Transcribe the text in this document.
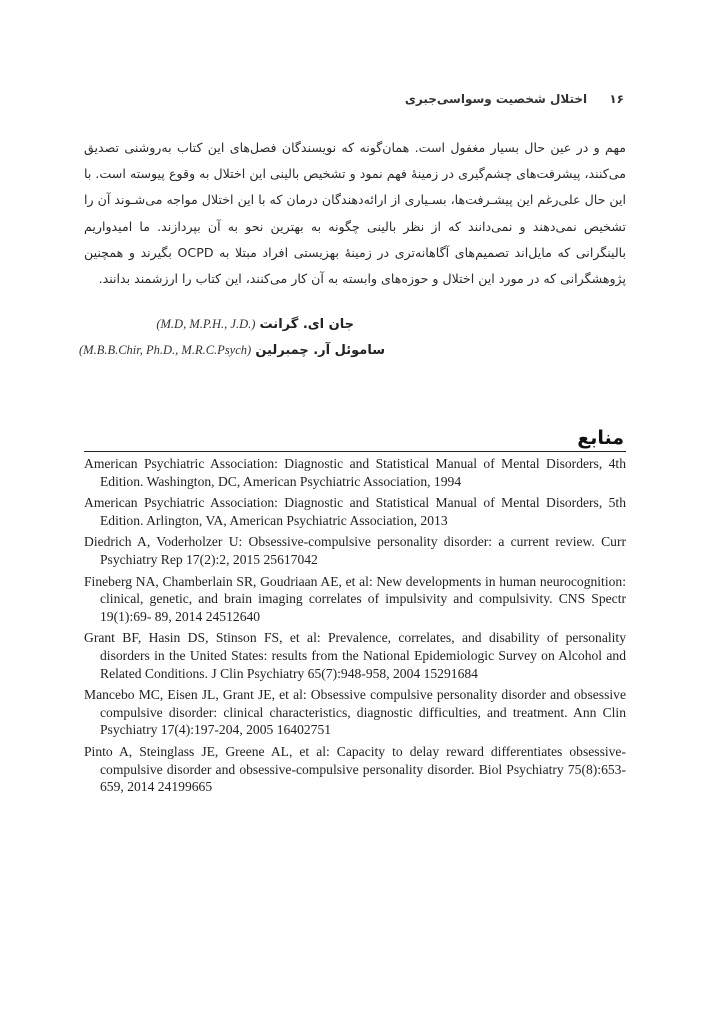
۱۶ اختلال شخصیت وسواسی‌جبری

مهم و در عین حال بسیار مغفول است. همان‌گونه که نویسندگان فصل‌های این کتاب به‌روشنی تصدیق می‌کنند، پیشرفت‌های چشم‌گیری در زمینهٔ فهم نمود و تشخیص بالینی این اختلال به وقوع پیوسته است. با این حال علی‌رغم این پیشـرفت‌ها، بسـیاری از ارائه‌دهندگان درمان که با این اختلال مواجه می‌شـوند آن را تشخیص نمی‌دهند و نمی‌دانند که از نظر بالینی چگونه به بهترین نحو به آن بپردازند. ما امیدواریم بالینگرانی که مایل‌اند تصمیم‌های آگاهانه‌تری در زمینهٔ بهزیستی افراد مبتلا به OCPD بگیرند و همچنین پژوهشگرانی که در مورد این اختلال و حوزه‌های وابسته به آن کار می‌کنند، این کتاب را ارزشمند بدانند.

جان ای. گرانت (M.D, M.P.H., J.D.)
ساموئل آر. چمبرلین (M.B.B.Chir, Ph.D., M.R.C.Psych)
منابع
American Psychiatric Association: Diagnostic and Statistical Manual of Mental Disorders, 4th Edition. Washington, DC, American Psychiatric Association, 1994
American Psychiatric Association: Diagnostic and Statistical Manual of Mental Disorders, 5th Edition. Arlington, VA, American Psychiatric Association, 2013
Diedrich A, Voderholzer U: Obsessive-compulsive personality disorder: a current review. Curr Psychiatry Rep 17(2):2, 2015 25617042
Fineberg NA, Chamberlain SR, Goudriaan AE, et al: New developments in human neurocognition: clinical, genetic, and brain imaging correlates of impulsivity and compulsivity. CNS Spectr 19(1):69- 89, 2014 24512640
Grant BF, Hasin DS, Stinson FS, et al: Prevalence, correlates, and disability of personality disorders in the United States: results from the National Epidemiologic Survey on Alcohol and Related Conditions. J Clin Psychiatry 65(7):948-958, 2004 15291684
Mancebo MC, Eisen JL, Grant JE, et al: Obsessive compulsive personality disorder and obsessive compulsive disorder: clinical characteristics, diagnostic difficulties, and treatment. Ann Clin Psychiatry 17(4):197-204, 2005 16402751
Pinto A, Steinglass JE, Greene AL, et al: Capacity to delay reward differentiates obsessive-compulsive disorder and obsessive-compulsive personality disorder. Biol Psychiatry 75(8):653-659, 2014 24199665
